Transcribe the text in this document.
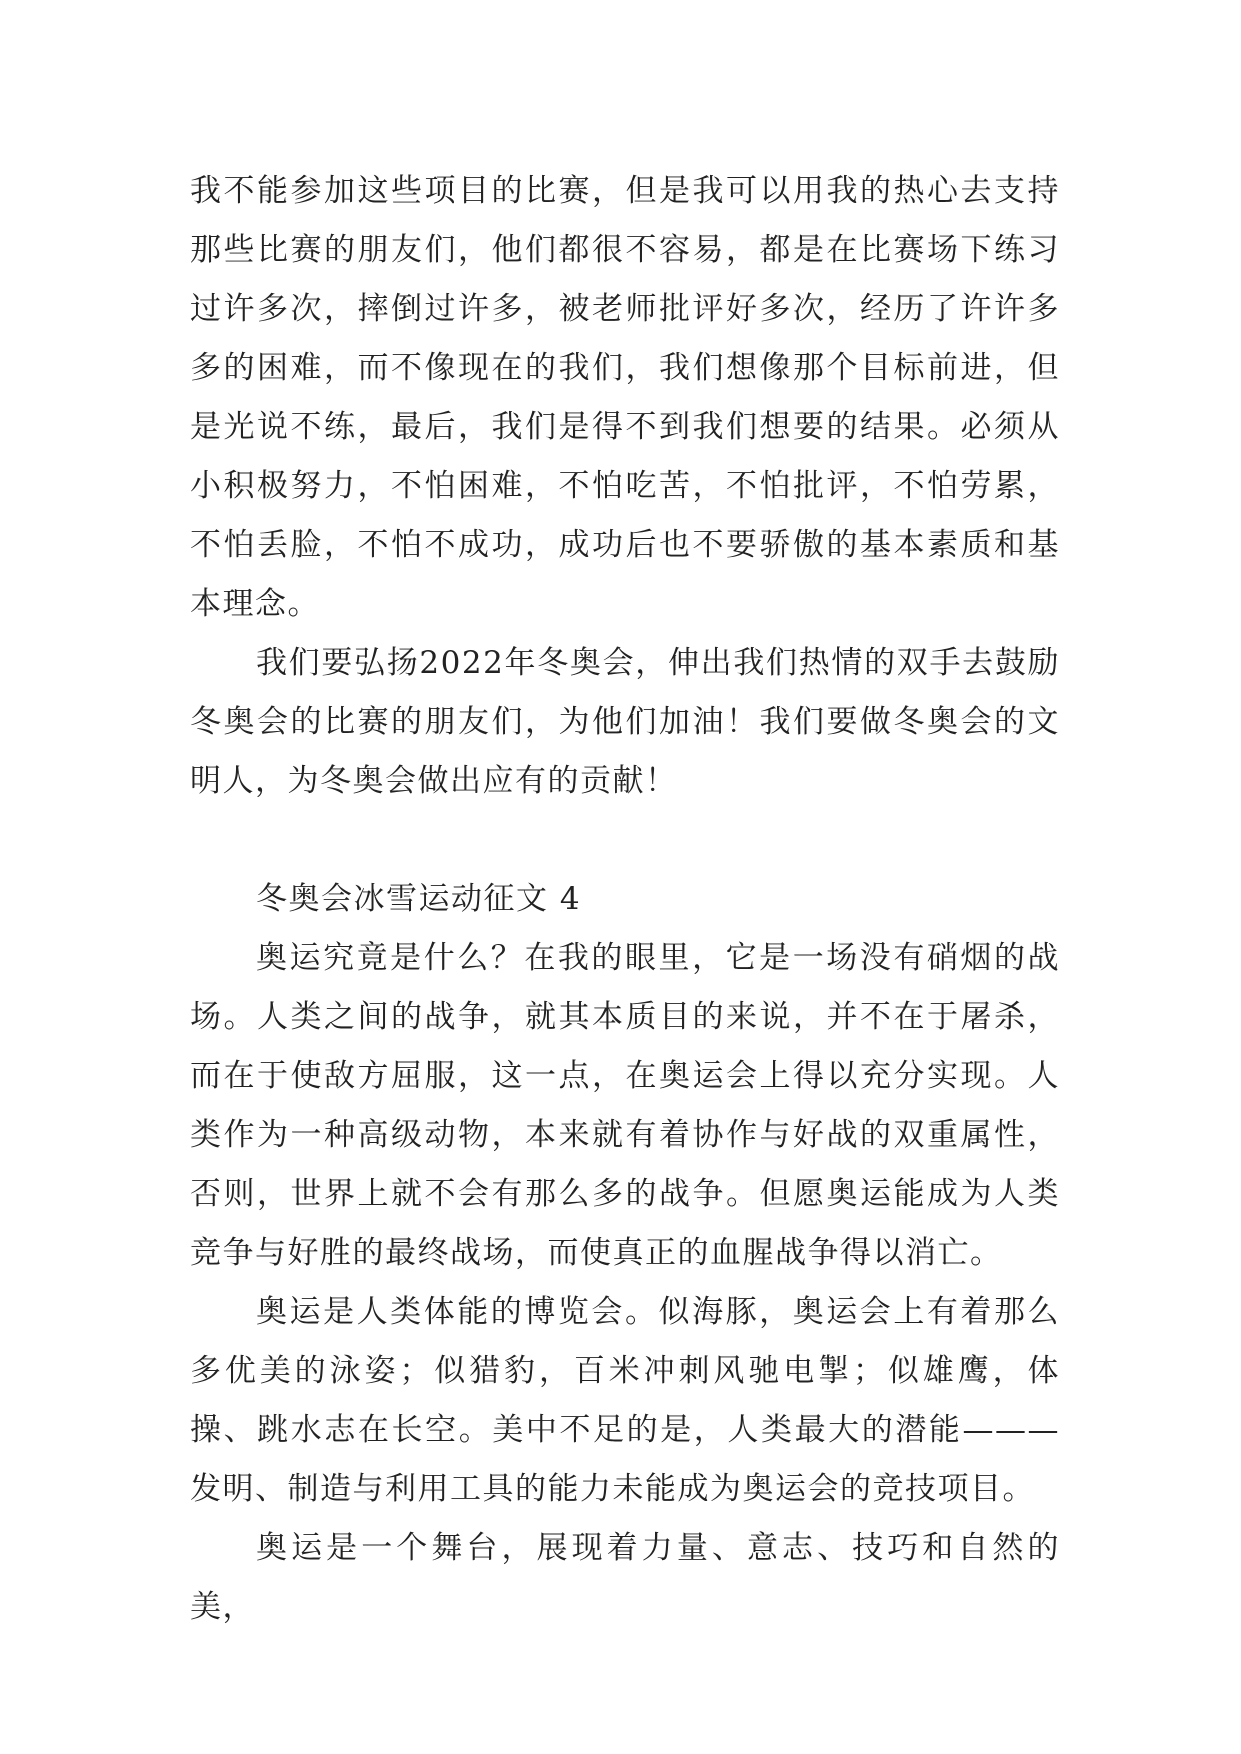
我不能参加这些项目的比赛，但是我可以用我的热心去支持那些比赛的朋友们，他们都很不容易，都是在比赛场下练习过许多次，摔倒过许多，被老师批评好多次，经历了许许多多的困难，而不像现在的我们，我们想像那个目标前进，但是光说不练，最后，我们是得不到我们想要的结果。必须从小积极努力，不怕困难，不怕吃苦，不怕批评，不怕劳累，不怕丢脸，不怕不成功，成功后也不要骄傲的基本素质和基本理念。

我们要弘扬2022年冬奥会，伸出我们热情的双手去鼓励冬奥会的比赛的朋友们，为他们加油！我们要做冬奥会的文明人，为冬奥会做出应有的贡献！

冬奥会冰雪运动征文 4

奥运究竟是什么？在我的眼里，它是一场没有硝烟的战场。人类之间的战争，就其本质目的来说，并不在于屠杀，而在于使敌方屈服，这一点，在奥运会上得以充分实现。人类作为一种高级动物，本来就有着协作与好战的双重属性，否则，世界上就不会有那么多的战争。但愿奥运能成为人类竞争与好胜的最终战场，而使真正的血腥战争得以消亡。

奥运是人类体能的博览会。似海豚，奥运会上有着那么多优美的泳姿；似猎豹，百米冲刺风驰电掣；似雄鹰，体操、跳水志在长空。美中不足的是，人类最大的潜能———发明、制造与利用工具的能力未能成为奥运会的竞技项目。

奥运是一个舞台，展现着力量、意志、技巧和自然的美，
